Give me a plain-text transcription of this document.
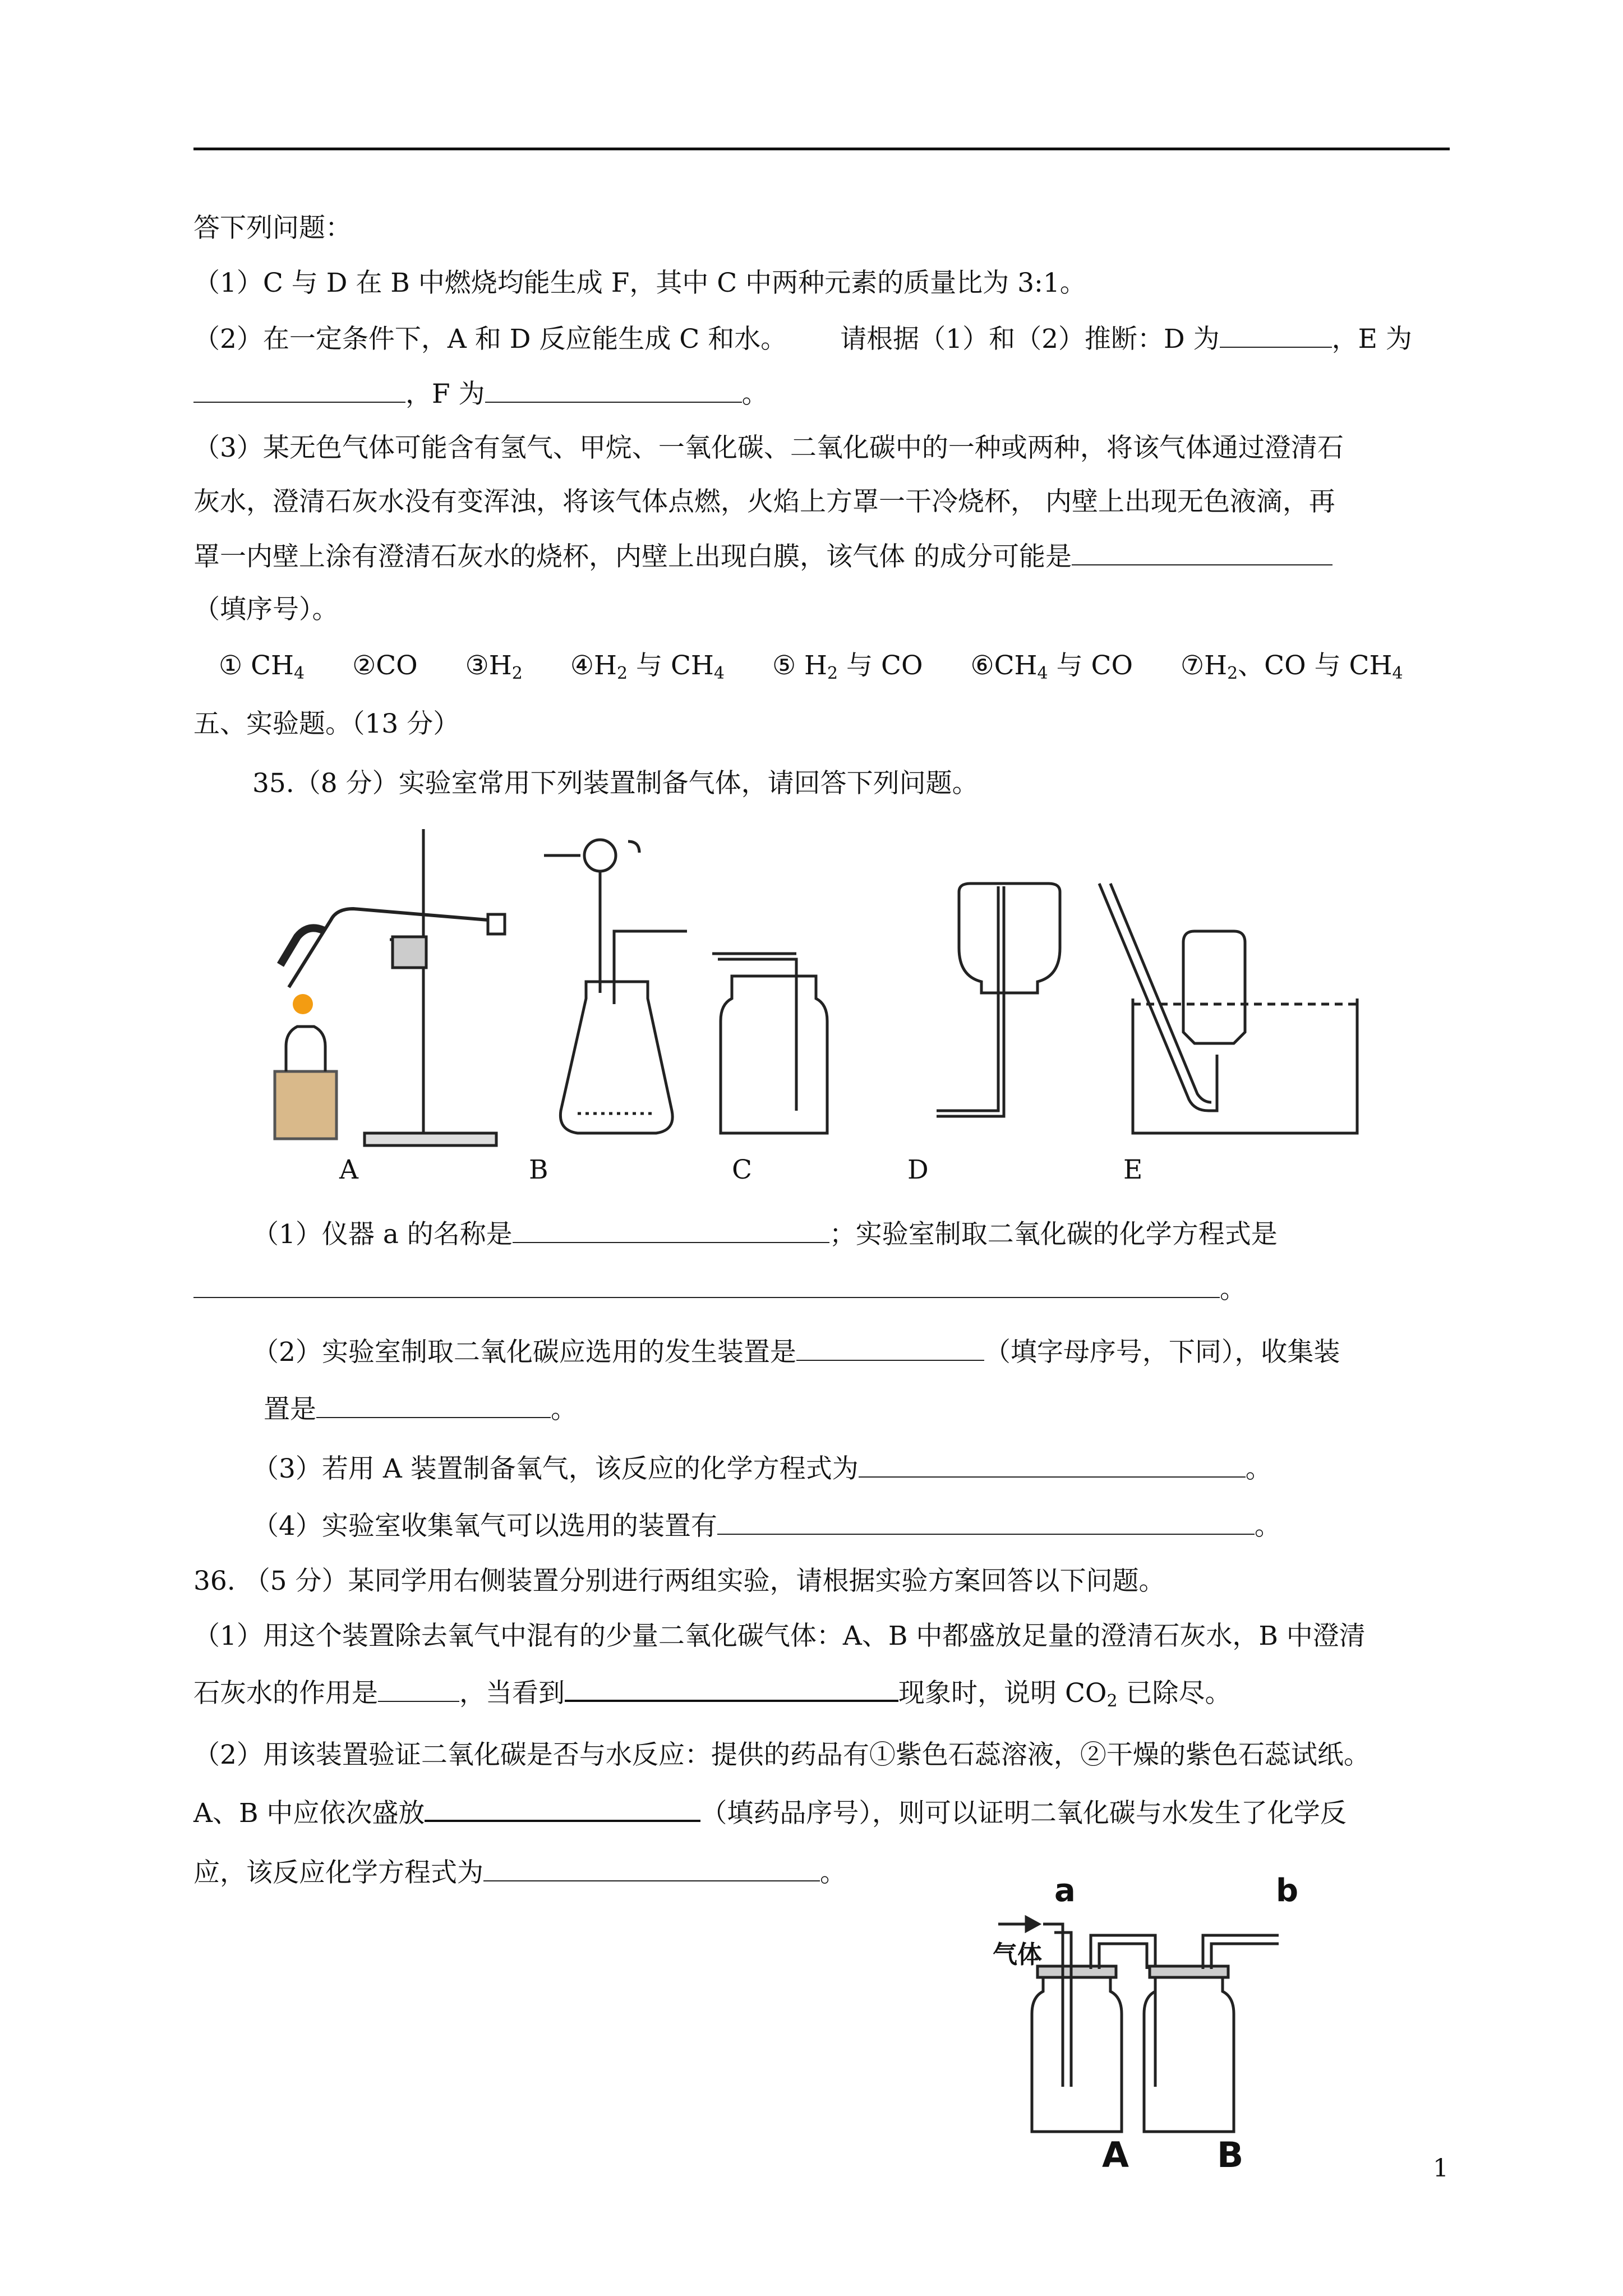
答下列问题：
（1）C 与 D 在 B 中燃烧均能生成 F，其中 C 中两种元素的质量比为 3:1。
（2）在一定条件下，A 和 D 反应能生成 C 和水。 请根据（1）和（2）推断：D 为	，E 为
，F 为	。
（3）某无色气体可能含有氢气、甲烷、一氧化碳、二氧化碳中的一种或两种，将该气体通过澄清石
灰水，澄清石灰水没有变浑浊，将该气体点燃，火焰上方罩一干冷烧杯， 内壁上出现无色液滴，再
罩一内壁上涂有澄清石灰水的烧杯，内壁上出现白膜，该气体 的成分可能是
（填序号）。
① $CH_4$ ②CO $③H_2$ $④H_2$ 与 $CH_4$ ⑤ $H_2$ 与 CO $⑥CH_4$ 与 CO $⑦H_2$、CO 与 $CH_4$
五、实验题。（13 分）
35.（8 分）实验室常用下列装置制备气体，请回答下列问题。
A	B	C	D	E
（1）仪器 a 的名称是	；实验室制取二氧化碳的化学方程式是
。
（2）实验室制取二氧化碳应选用的发生装置是	（填字母序号，下同），收集装
置是	。
（3）若用 A 装置制备氧气，该反应的化学方程式为	。
（4）实验室收集氧气可以选用的装置有	。
36. （5 分）某同学用右侧装置分别进行两组实验，请根据实验方案回答以下问题。
（1）用这个装置除去氧气中混有的少量二氧化碳气体：A、B 中都盛放足量的澄清石灰水，B 中澄清
石灰水的作用是	，当看到	现象时，说明 $CO_2$ 已除尽。
（2）用该装置验证二氧化碳是否与水反应：提供的药品有①紫色石蕊溶液，②干燥的紫色石蕊试纸。
A、B 中应依次盛放	（填药品序号），则可以证明二氧化碳与水发生了化学反
应，该反应化学方程式为	。	a	b
气体
A	B	1
